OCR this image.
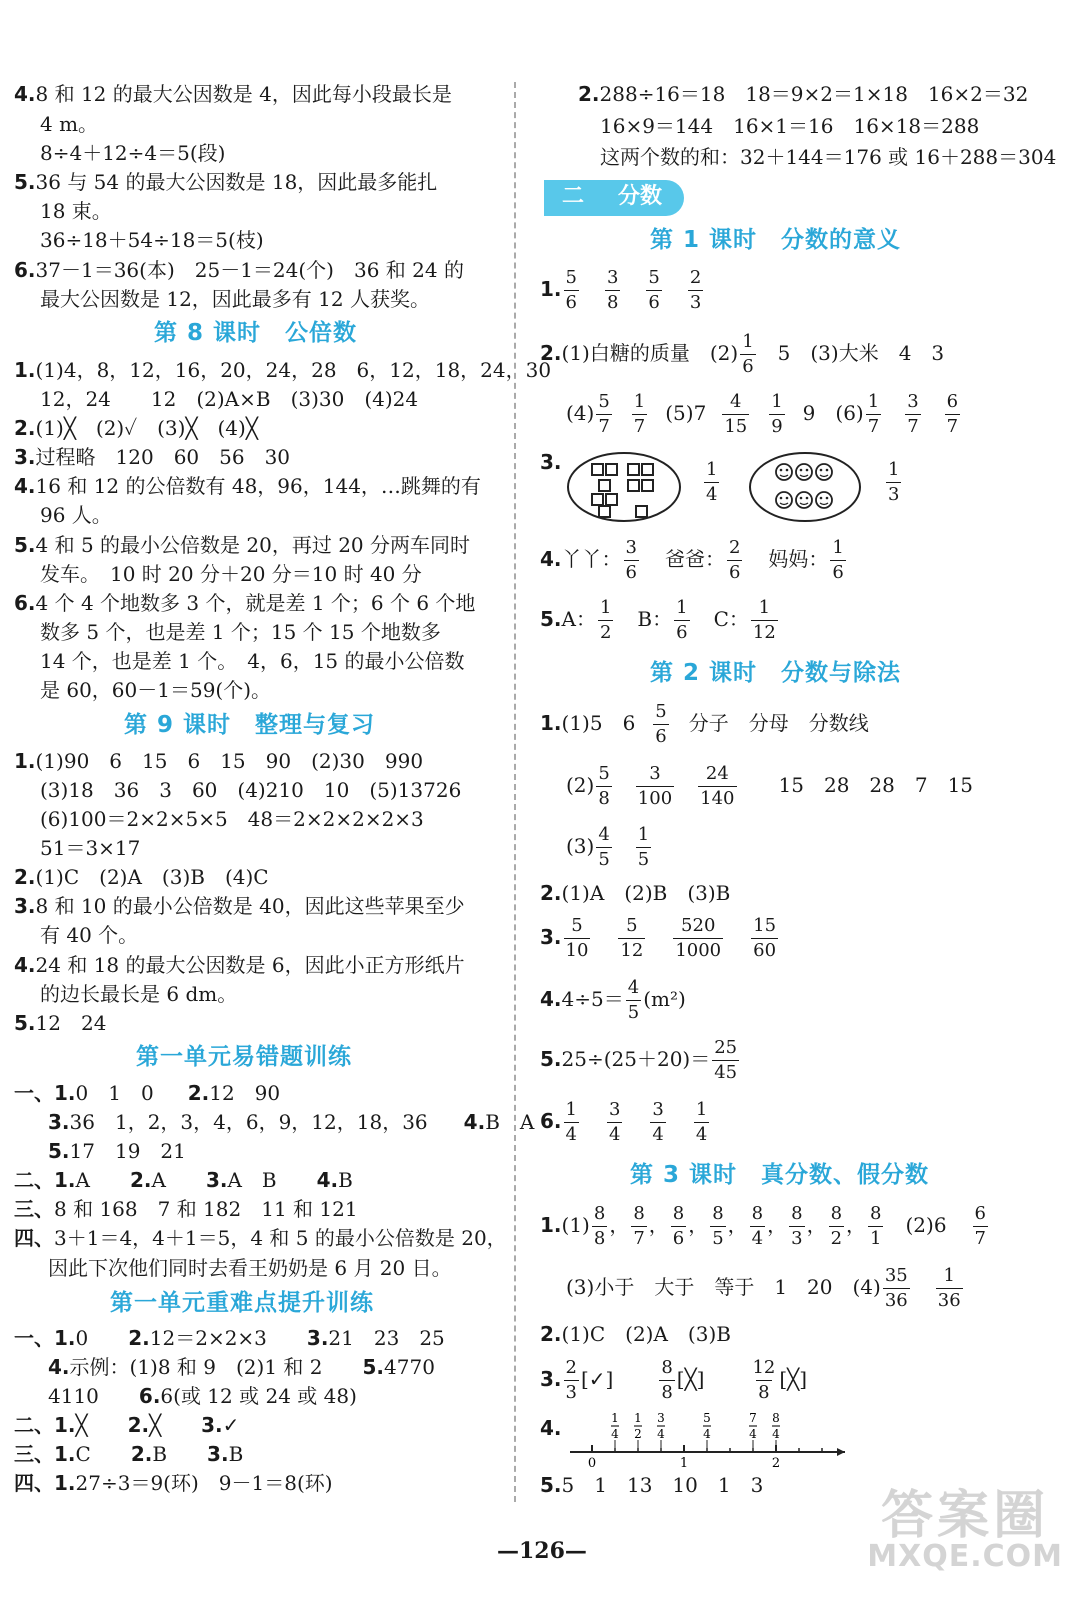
4.8 和 12 的最大公因数是 4，因此每小段最长是
4 m。
8÷4＋12÷4＝5(段)
5.36 与 54 的最大公因数是 18，因此最多能扎
18 束。
36÷18＋54÷18＝5(枝)
6.37－1＝36(本)　25－1＝24(个)　36 和 24 的
最大公因数是 12，因此最多有 12 人获奖。
第 8 课时　公倍数
1.(1)4，8，12，16，20，24，28　6，12，18，24，30
12，24　　12　(2)A×B　(3)30　(4)24
2.(1)╳　(2)✓　(3)╳　(4)╳
3.过程略　120　60　56　30
4.16 和 12 的公倍数有 48，96，144，…跳舞的有
96 人。
5.4 和 5 的最小公倍数是 20，再过 20 分两车同时
发车。　10 时 20 分＋20 分＝10 时 40 分
6.4 个 4 个地数多 3 个，就是差 1 个；6 个 6 个地
数多 5 个，也是差 1 个；15 个 15 个地数多
14 个，也是差 1 个。　4，6，15 的最小公倍数
是 60，60－1＝59(个)。
第 9 课时　整理与复习
1.(1)90　6　15　6　15　90　(2)30　990
(3)18　36　3　60　(4)210　10　(5)13726
(6)100＝2×2×5×5　48＝2×2×2×2×3
51＝3×17
2.(1)C　(2)A　(3)B　(4)C
3.8 和 10 的最小公倍数是 40，因此这些苹果至少
有 40 个。
4.24 和 18 的最大公因数是 6，因此小正方形纸片
的边长最长是 6 dm。
5.12　24
第一单元易错题训练
一、1.0　1　0　2.12　90
3.36　1，2，3，4，6，9，12，18，36　4.B　A
5.17　19　21
二、1.A　　2.A　　3.A　B　　4.B
三、8 和 168　7 和 182　11 和 121
四、3＋1＝4，4＋1＝5，4 和 5 的最小公倍数是 20，
因此下次他们同时去看王奶奶是 6 月 20 日。
第一单元重难点提升训练
一、1.0　　2.12＝2×2×3　　3.21　23　25
4.示例：(1)8 和 9　(2)1 和 2　　5.4770
4110　　6.6(或 12 或 24 或 48)
二、1.╳　　2.╳　　3.✓
三、1.C　　2.B　　3.B
四、1.27÷3＝9(环)　9－1＝8(环)
2.288÷16＝18　18＝9×2＝1×18　16×2＝32
16×9＝144　16×1＝16　16×18＝288
这两个数的和：32＋144＝176 或 16＋288＝304
二 分数
第 1 课时　分数的意义
1. $\frac{5}{6} \frac{3}{8} \frac{5}{6} \frac{2}{3}$
2.(1)白糖的质量　$(2) \frac{1}{6}$ 　5　(3)大米　4　3
$(4) \frac{5}{7} \frac{1}{7} (5)7 \frac{4}{15} \frac{1}{9} 9$　$(6) \frac{1}{7} \frac{3}{7} \frac{6}{7}$
3.	$\frac{1}{4}$	$\frac{1}{3}$
4.丫丫： $\frac{3}{6}$ 爸爸： $\frac{2}{6}$ 妈妈： $\frac{1}{6}$
5.A： $\frac{1}{2}$ B： $\frac{1}{6}$ C： $\frac{1}{12}$
第 2 课时　分数与除法
1.(1)5　$6 \frac{5}{6}$ 分子　分母　分数线
$(2) \frac{5}{8} \frac{3}{100} \frac{24}{140} 15$　28　28　7　15
$(3) \frac{4}{5} \frac{1}{5}$
2.(1)A　(2)B　(3)B
3. $\frac{5}{10} \frac{5}{12} \frac{520}{1000} \frac{15}{60}$
$4.4\div 5= \frac{4}{5} (m^2)$
$5.25\div(25+20)= \frac{25}{45}$
6. $\frac{1}{4} \frac{3}{4} \frac{3}{4} \frac{1}{4}$
第 3 课时　真分数、假分数
$1.(1) \frac{8}{8}$ ， $\frac{8}{7}$ ， $\frac{8}{6}$ ， $\frac{8}{5}$ ， $\frac{8}{4}$ ， $\frac{8}{3}$ ， $\frac{8}{2}$ ， $\frac{8}{1} (2)6 \frac{6}{7}$
(3)小于　大于　等于　1　20　$(4) \frac{35}{36} \frac{1}{36}$
2.(1)C　(2)A　(3)B
3. $\frac{2}{3}$ [✓]	$\frac{8}{8}$ [╳]	$\frac{12}{8}$ [╳]
4.
0	1	2
1
4
1
2
3
4
5
4
7
4
8
4
5.5　1　13　10　1　3
—126—
答案圈
MXQE.COM
